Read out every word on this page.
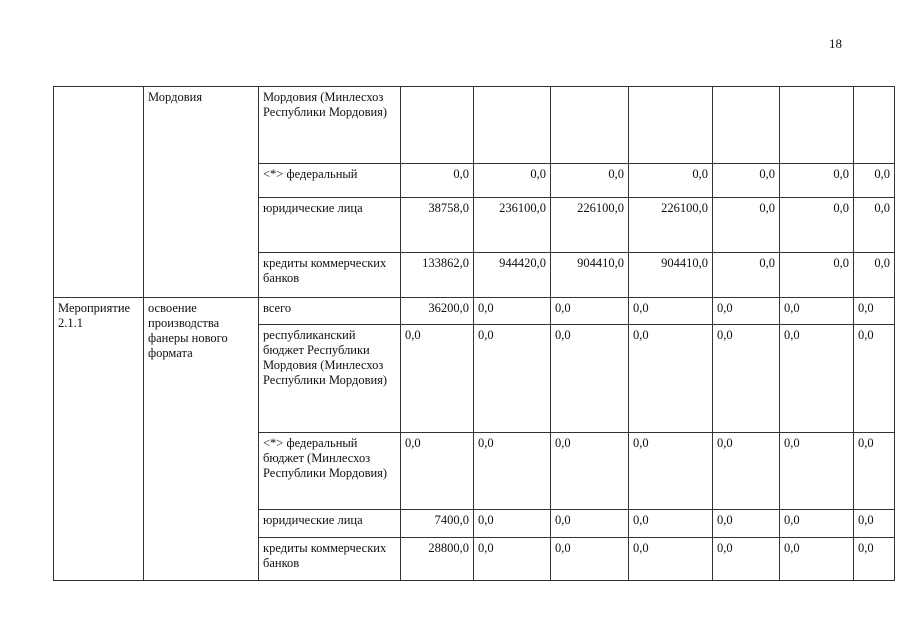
18
	Мордовия	Мордовия (Минлесхоз Республики Мордовия)							
		<*> федеральный	0,0	0,0	0,0	0,0	0,0	0,0	0,0
		юридические лица	38758,0	236100,0	226100,0	226100,0	0,0	0,0	0,0
		кредиты коммерческих банков	133862,0	944420,0	904410,0	904410,0	0,0	0,0	0,0
Мероприятие 2.1.1	освоение производства фанеры нового формата	всего	36200,0	0,0	0,0	0,0	0,0	0,0	0,0
		республиканский бюджет Республики Мордовия (Минлесхоз Республики Мордовия)	0,0	0,0	0,0	0,0	0,0	0,0	0,0
		<*> федеральный бюджет (Минлесхоз Республики Мордовия)	0,0	0,0	0,0	0,0	0,0	0,0	0,0
		юридические лица	7400,0	0,0	0,0	0,0	0,0	0,0	0,0
		кредиты коммерческих банков	28800,0	0,0	0,0	0,0	0,0	0,0	0,0
